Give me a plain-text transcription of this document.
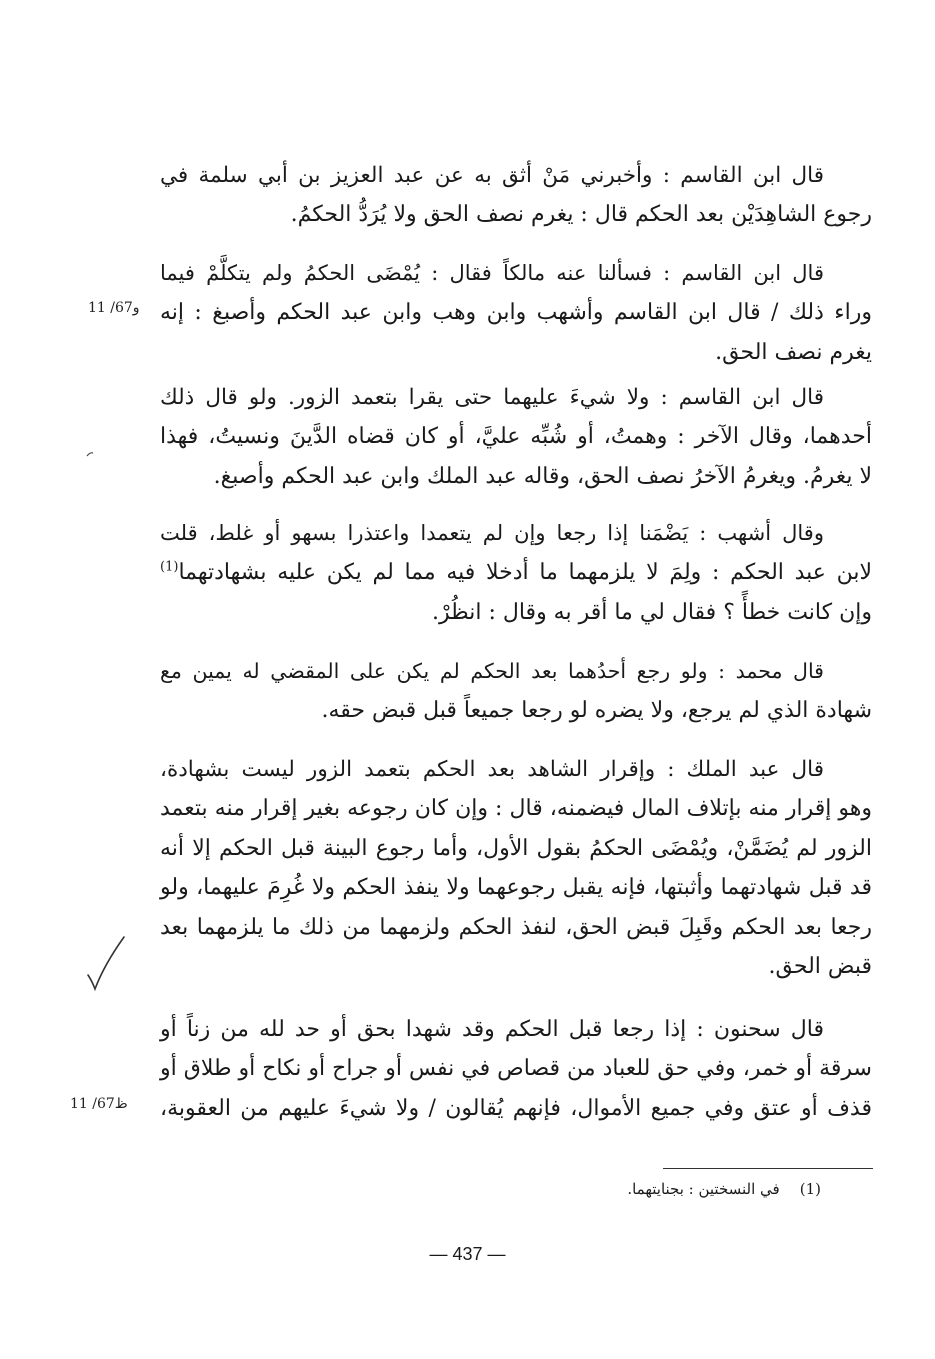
قال ابن القاسم : وأخبرني مَنْ أثق به عن عبد العزيز بن أبي سلمة في
رجوع الشاهِدَيْن بعد الحكم قال : يغرم نصف الحق ولا يُرَدُّ الحكمُ.
قال ابن القاسم : فسألنا عنه مالكاً فقال : يُمْضَى الحكمُ ولم يتكلَّمْ فيما
وراء ذلك / قال ابن القاسم وأشهب وابن وهب وابن عبد الحكم وأصبغ : إنه
يغرم نصف الحق.
قال ابن القاسم : ولا شيءَ عليهما حتى يقرا بتعمد الزور. ولو قال ذلك
أحدهما، وقال الآخر : وهمتُ، أو شُبِّه عليَّ، أو كان قضاه الدَّينَ ونسيتُ، فهذا
لا يغرمُ. ويغرمُ الآخرُ نصف الحق، وقاله عبد الملك وابن عبد الحكم وأصبغ.
وقال أشهب : يَضْمَنا إذا رجعا وإن لم يتعمدا واعتذرا بسهو أو غلط، قلت
لابن عبد الحكم : ولِمَ لا يلزمهما ما أدخلا فيه مما لم يكن عليه بشهادتهما$^{(1)}$
وإن كانت خطأً ؟ فقال لي ما أقر به وقال : انظُرْ.
قال محمد : ولو رجع أحدُهما بعد الحكم لم يكن على المقضي له يمين مع
شهادة الذي لم يرجع، ولا يضره لو رجعا جميعاً قبل قبض حقه.
قال عبد الملك : وإقرار الشاهد بعد الحكم بتعمد الزور ليست بشهادة،
وهو إقرار منه بإتلاف المال فيضمنه، قال : وإن كان رجوعه بغير إقرار منه بتعمد
الزور لم يُضَمَّنْ، ويُمْضَى الحكمُ بقول الأول، وأما رجوع البينة قبل الحكم إلا أنه
قد قبل شهادتهما وأثبتها، فإنه يقبل رجوعهما ولا ينفذ الحكم ولا غُرِمَ عليهما، ولو
رجعا بعد الحكم وقَبِلَ قبض الحق، لنفذ الحكم ولزمهما من ذلك ما يلزمهما بعد
قبض الحق.
قال سحنون : إذا رجعا قبل الحكم وقد شهدا بحق أو حد لله من زناً أو
سرقة أو خمر، وفي حق للعباد من قصاص في نفس أو جراح أو نكاح أو طلاق أو
قذف أو عتق وفي جميع الأموال، فإنهم يُقالون / ولا شيءَ عليهم من العقوبة،
11 /67و
11 /67ظ
(1)في النسختين : بجنايتهما.
— 437 —
